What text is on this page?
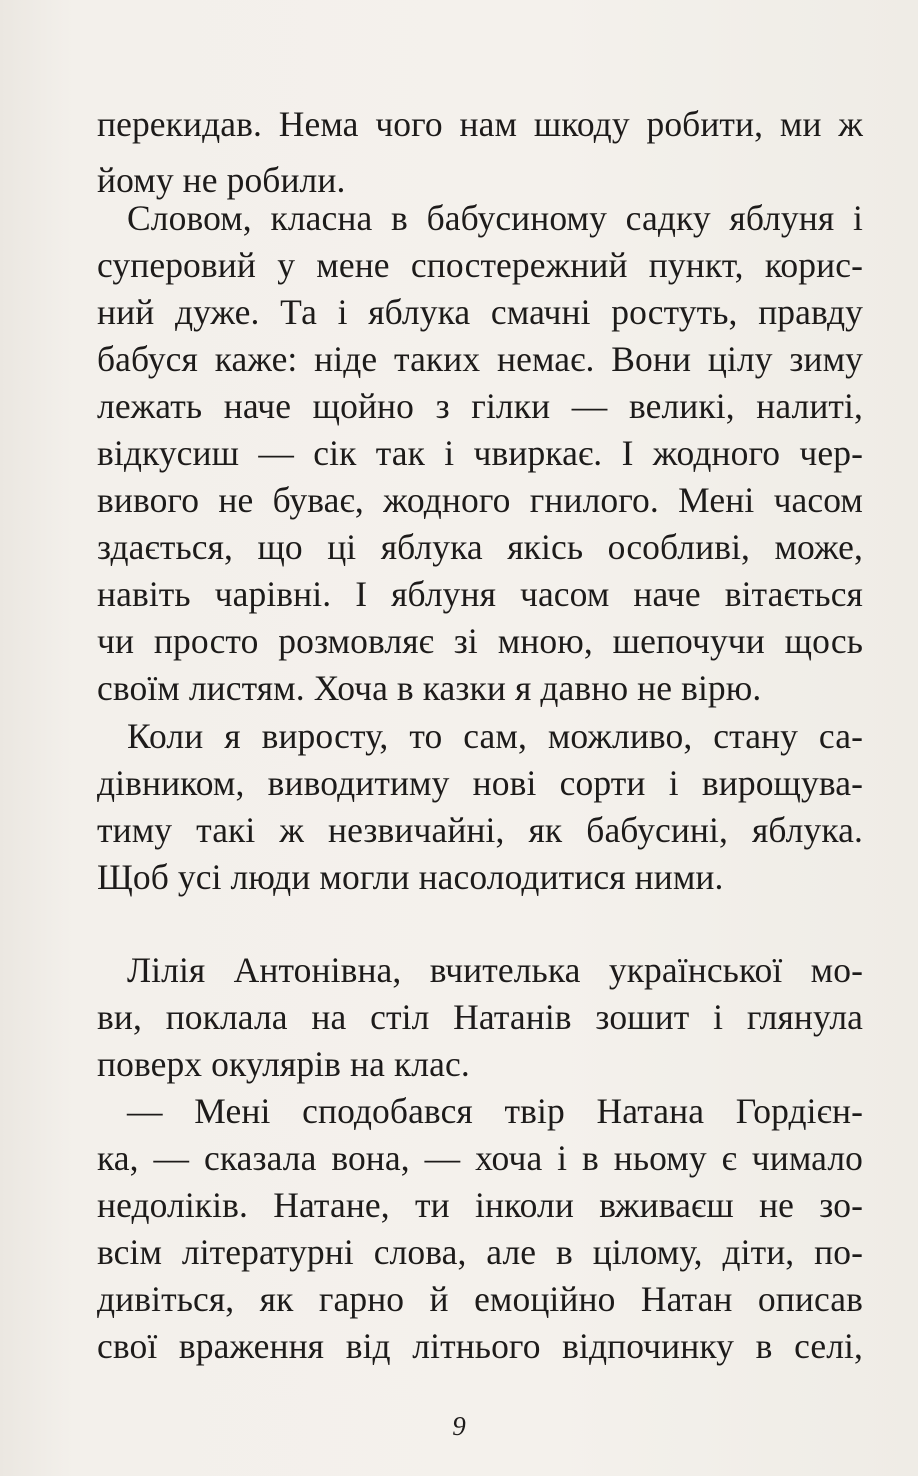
перекидав. Нема чого нам шкоду робити, ми ж
йому не робили.
Словом, класна в бабусиному садку яблуня і
суперовий у мене спостережний пункт, корис-
ний дуже. Та і яблука смачні ростуть, правду
бабуся каже: ніде таких немає. Вони цілу зиму
лежать наче щойно з гілки — великі, налиті,
відкусиш — сік так і чвиркає. І жодного чер-
вивого не буває, жодного гнилого. Мені часом
здається, що ці яблука якісь особливі, може,
навіть чарівні. І яблуня часом наче вітається
чи просто розмовляє зі мною, шепочучи щось
своїм листям. Хоча в казки я давно не вірю.
Коли я виросту, то сам, можливо, стану са-
дівником, виводитиму нові сорти і вирощува-
тиму такі ж незвичайні, як бабусині, яблука.
Щоб усі люди могли насолодитися ними.
Лілія Антонівна, вчителька української мо-
ви, поклала на стіл Натанів зошит і глянула
поверх окулярів на клас.
— Мені сподобався твір Натана Гордієн-
ка, — сказала вона, — хоча і в ньому є чимало
недоліків. Натане, ти інколи вживаєш не зо-
всім літературні слова, але в цілому, діти, по-
дивіться, як гарно й емоційно Натан описав
свої враження від літнього відпочинку в селі,
9
